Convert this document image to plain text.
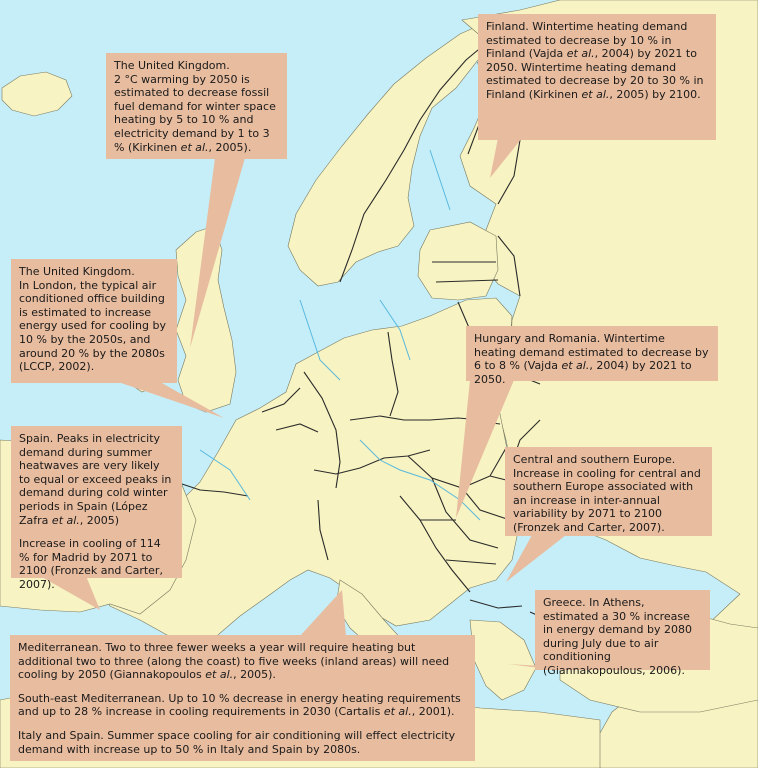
The United Kingdom.
2 °C warming by 2050 is estimated to decrease fossil fuel demand for winter space heating by 5 to 10 % and electricity demand by 1 to 3 % (Kirkinen et al., 2005).

Finland. Wintertime heating demand estimated to decrease by 10 % in Finland (Vajda et al., 2004) by 2021 to 2050. Wintertime heating demand estimated to decrease by 20 to 30 % in Finland (Kirkinen et al., 2005) by 2100.

The United Kingdom.
In London, the typical air conditioned office building is estimated to increase energy used for cooling by 10 % by the 2050s, and around 20 % by the 2080s (LCCP, 2002).

Hungary and Romania. Wintertime heating demand estimated to decrease by 6 to 8 % (Vajda et al., 2004) by 2021 to 2050.

Spain. Peaks in electricity demand during summer heatwaves are very likely to equal or exceed peaks in demand during cold winter periods in Spain (López Zafra et al., 2005)

Increase in cooling of 114 % for Madrid by 2071 to 2100 (Fronzek and Carter, 2007).

Central and southern Europe. Increase in cooling for central and southern Europe associated with an increase in inter-annual variability by 2071 to 2100 (Fronzek and Carter, 2007).

Greece. In Athens, estimated a 30 % increase in energy demand by 2080 during July due to air conditioning (Giannakopoulous, 2006).

Mediterranean. Two to three fewer weeks a year will require heating but additional two to three (along the coast) to five weeks (inland areas) will need cooling by 2050 (Giannakopoulos et al., 2005).

South-east Mediterranean. Up to 10 % decrease in energy heating requirements and up to 28 % increase in cooling requirements in 2030 (Cartalis et al., 2001).

Italy and Spain. Summer space cooling for air conditioning will effect electricity demand with increase up to 50 % in Italy and Spain by 2080s.
